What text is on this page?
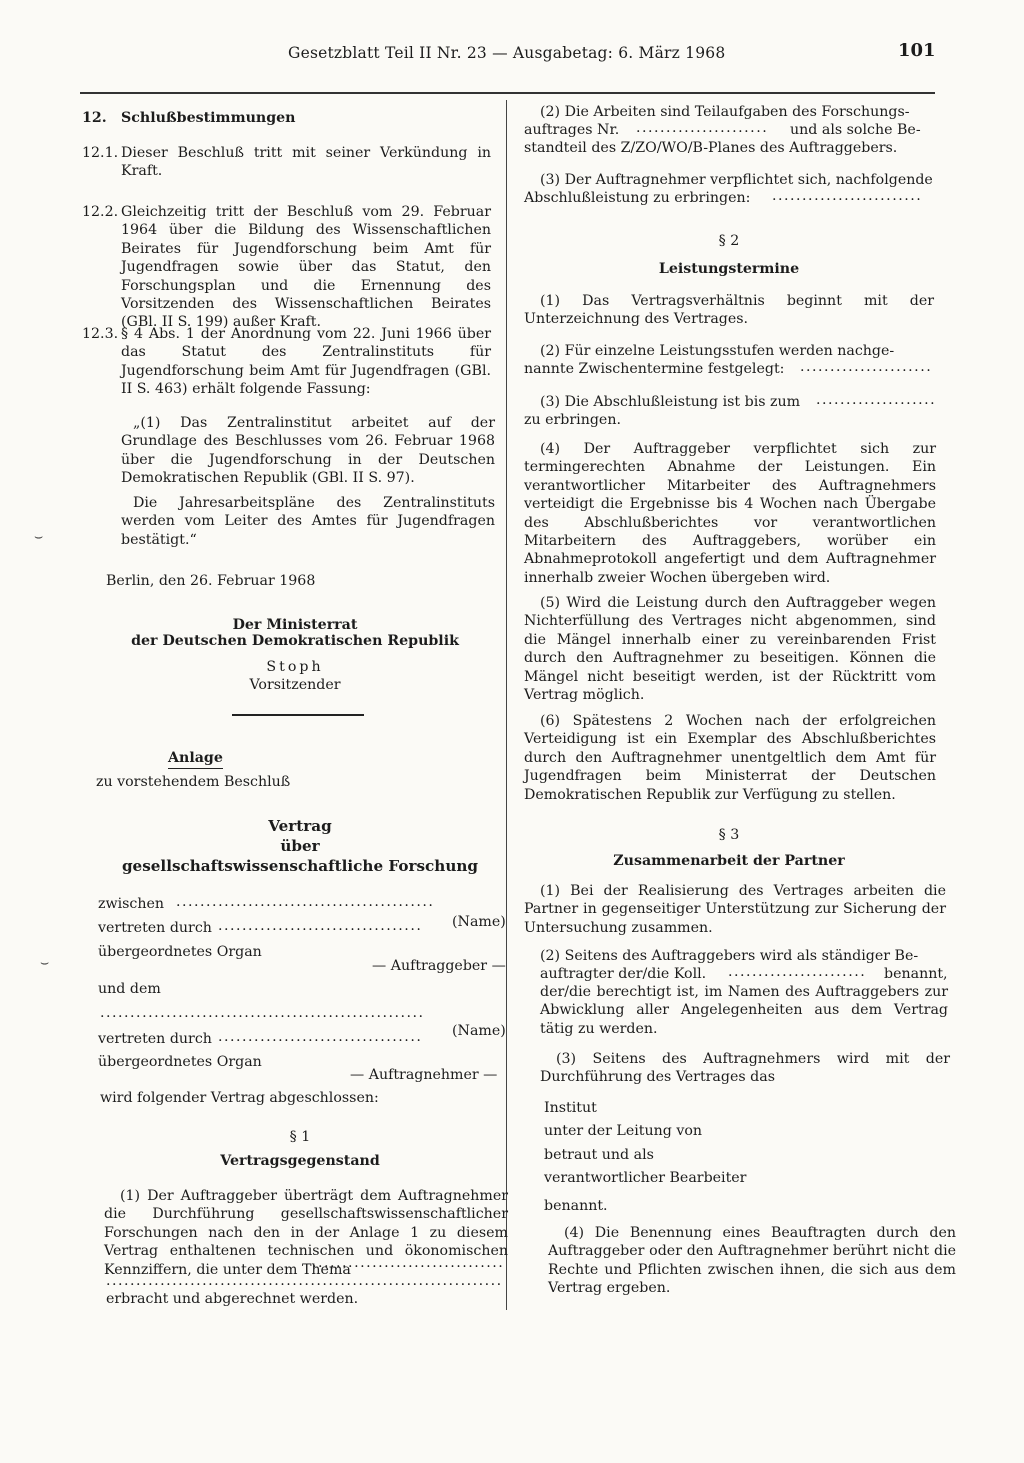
Gesetzblatt Teil II Nr. 23 — Ausgabetag: 6. März 1968	101
12. Schlußbestimmungen
12.1. Dieser Beschluß tritt mit seiner Verkündung in Kraft.

12.2. Gleichzeitig tritt der Beschluß vom 29. Februar 1964 über die Bildung des Wissenschaftlichen Beirates für Jugendforschung beim Amt für Jugendfragen sowie über das Statut, den Forschungsplan und die Ernennung des Vorsitzenden des Wissenschaftlichen Beirates (GBl. II S. 199) außer Kraft.

12.3. § 4 Abs. 1 der Anordnung vom 22. Juni 1966 über das Statut des Zentralinstituts für Jugendforschung beim Amt für Jugendfragen (GBl. II S. 463) erhält folgende Fassung:

„(1) Das Zentralinstitut arbeitet auf der Grundlage des Beschlusses vom 26. Februar 1968 über die Jugendforschung in der Deutschen Demokratischen Republik (GBl. II S. 97).

Die Jahresarbeitspläne des Zentralinstituts werden vom Leiter des Amtes für Jugendfragen bestätigt.“

⌣
Berlin, den 26. Februar 1968
Der Ministerrat
der Deutschen Demokratischen Republik
Stoph
Vorsitzender
Anlage
zu vorstehendem Beschluß
Vertrag
über
gesellschaftswissenschaftliche Forschung
zwischen ...........................................
vertreten durch ..................................	(Name)
übergeordnetes Organ
— Auftraggeber —
⌣
und dem
......................................................
vertreten durch ..................................	(Name)
übergeordnetes Organ
— Auftragnehmer —
wird folgender Vertrag abgeschlossen:
§ 1
Vertragsgegenstand

(1) Der Auftraggeber überträgt dem Auftragnehmer die Durchführung gesellschaftswissenschaftlicher Forschungen nach den in der Anlage 1 zu diesem Vertrag enthaltenen technischen und ökonomischen Kennziffern, die unter dem Thema

................................
..................................................................
erbracht und abgerechnet werden.
(2) Die Arbeiten sind Teilaufgaben des Forschungs-
auftrages Nr. ......................	und als solche Be-
standteil des Z/ZO/WO/B-Planes des Auftraggebers.
(3) Der Auftragnehmer verpflichtet sich, nachfolgende
Abschlußleistung zu erbringen: .........................
§ 2
Leistungstermine

(1) Das Vertragsverhältnis beginnt mit der Unterzeichnung des Vertrages.

(2) Für einzelne Leistungsstufen werden nachge-
nannte Zwischentermine festgelegt: ......................
(3) Die Abschlußleistung ist bis zum ....................
zu erbringen.

(4) Der Auftraggeber verpflichtet sich zur termingerechten Abnahme der Leistungen. Ein verantwortlicher Mitarbeiter des Auftragnehmers verteidigt die Ergebnisse bis 4 Wochen nach Übergabe des Abschlußberichtes vor verantwortlichen Mitarbeitern des Auftraggebers, worüber ein Abnahmeprotokoll angefertigt und dem Auftragnehmer innerhalb zweier Wochen übergeben wird.

(5) Wird die Leistung durch den Auftraggeber wegen Nichterfüllung des Vertrages nicht abgenommen, sind die Mängel innerhalb einer zu vereinbarenden Frist durch den Auftragnehmer zu beseitigen. Können die Mängel nicht beseitigt werden, ist der Rücktritt vom Vertrag möglich.

(6) Spätestens 2 Wochen nach der erfolgreichen Verteidigung ist ein Exemplar des Abschlußberichtes durch den Auftragnehmer unentgeltlich dem Amt für Jugendfragen beim Ministerrat der Deutschen Demokratischen Republik zur Verfügung zu stellen.

§ 3
Zusammenarbeit der Partner

(1) Bei der Realisierung des Vertrages arbeiten die Partner in gegenseitiger Unterstützung zur Sicherung der Untersuchung zusammen.

(2) Seitens des Auftraggebers wird als ständiger Be-
auftragter der/die Koll. .......................	benannt,

der/die berechtigt ist, im Namen des Auftraggebers zur Abwicklung aller Angelegenheiten aus dem Vertrag tätig zu werden.

(3) Seitens des Auftragnehmers wird mit der Durchführung des Vertrages das

Institut
unter der Leitung von
betraut und als
verantwortlicher Bearbeiter
benannt.

(4) Die Benennung eines Beauftragten durch den Auftraggeber oder den Auftragnehmer berührt nicht die Rechte und Pflichten zwischen ihnen, die sich aus dem Vertrag ergeben.
